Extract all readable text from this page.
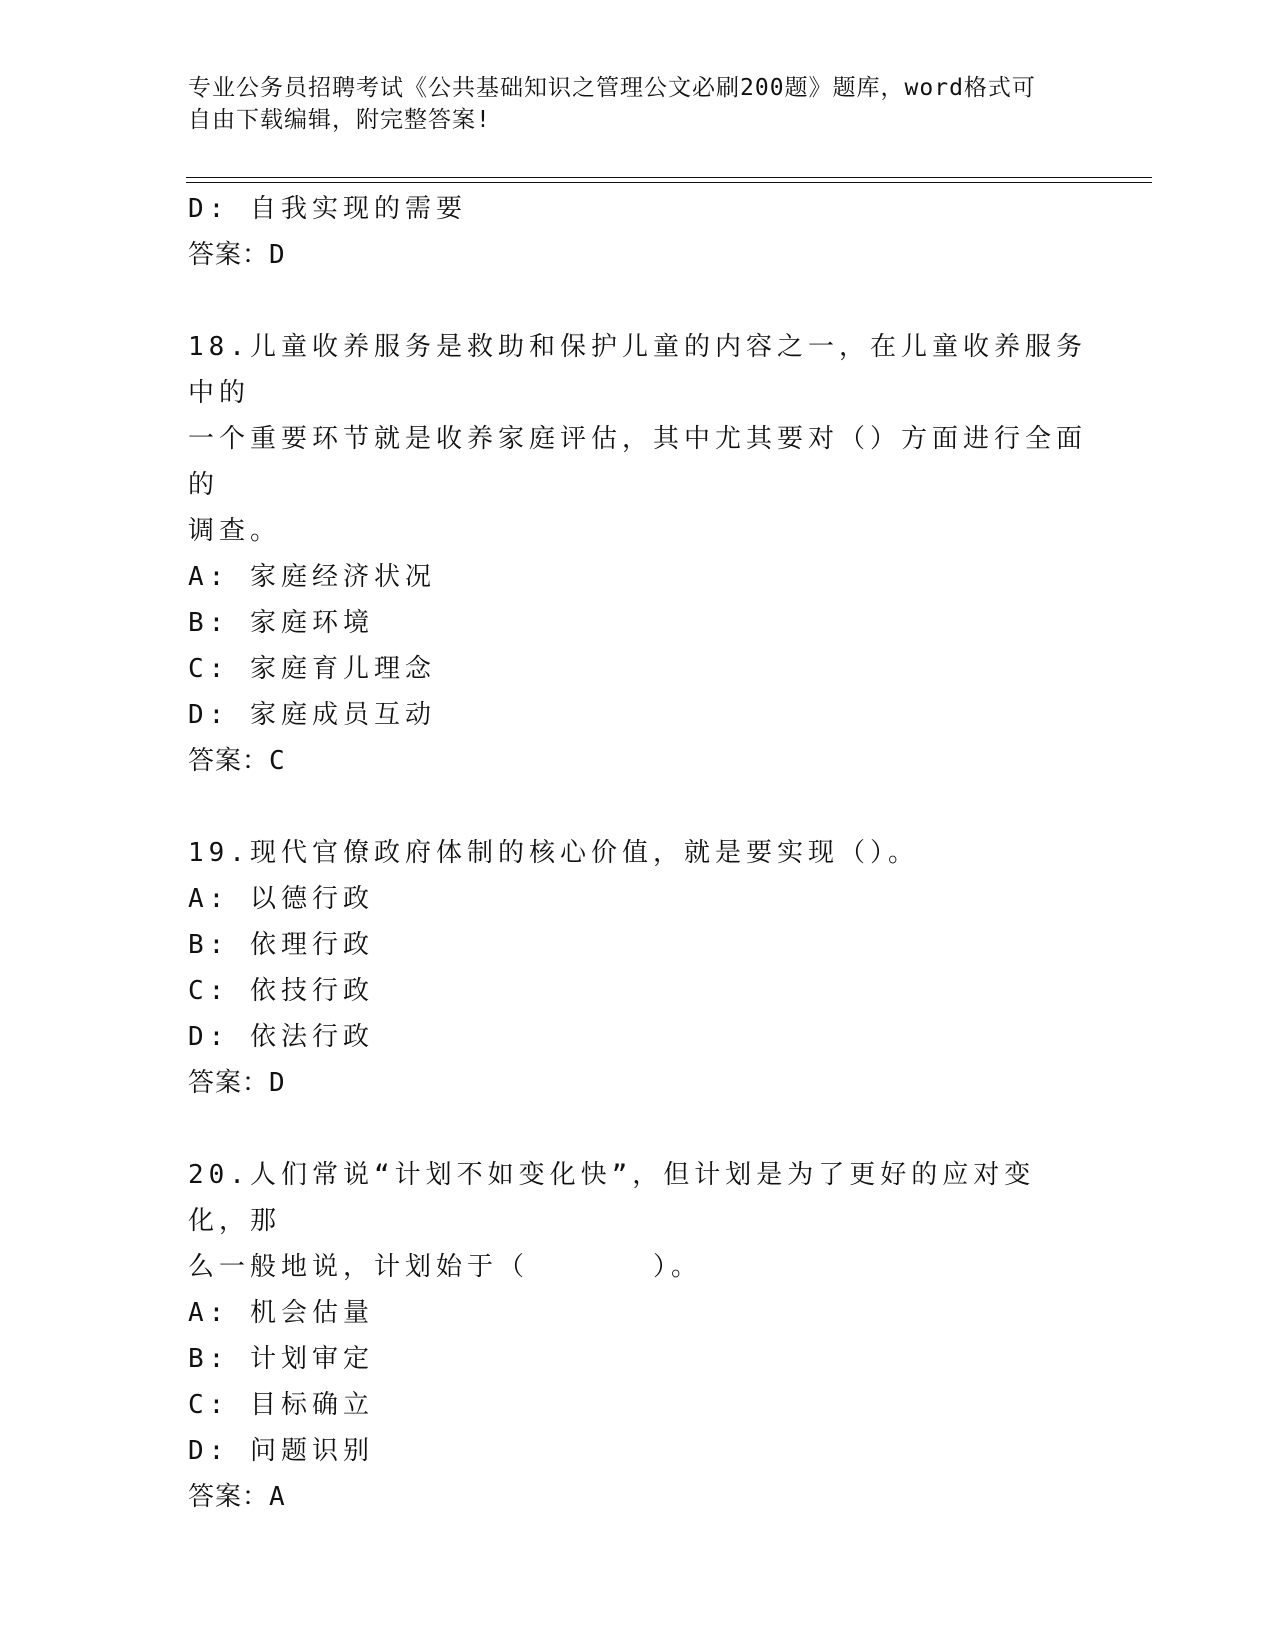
专业公务员招聘考试《公共基础知识之管理公文必刷200题》题库，word格式可
自由下载编辑，附完整答案!
D: 自我实现的需要
答案：D
18.儿童收养服务是救助和保护儿童的内容之一，在儿童收养服务中的
一个重要环节就是收养家庭评估，其中尤其要对（）方面进行全面的
调查。
A: 家庭经济状况
B: 家庭环境
C: 家庭育儿理念
D: 家庭成员互动
答案：C
19.现代官僚政府体制的核心价值，就是要实现（）。
A: 以德行政
B: 依理行政
C: 依技行政
D: 依法行政
答案：D
20.人们常说“计划不如变化快”，但计划是为了更好的应对变化，那
么一般地说，计划始于（　　　　）。
A: 机会估量
B: 计划审定
C: 目标确立
D: 问题识别
答案：A
